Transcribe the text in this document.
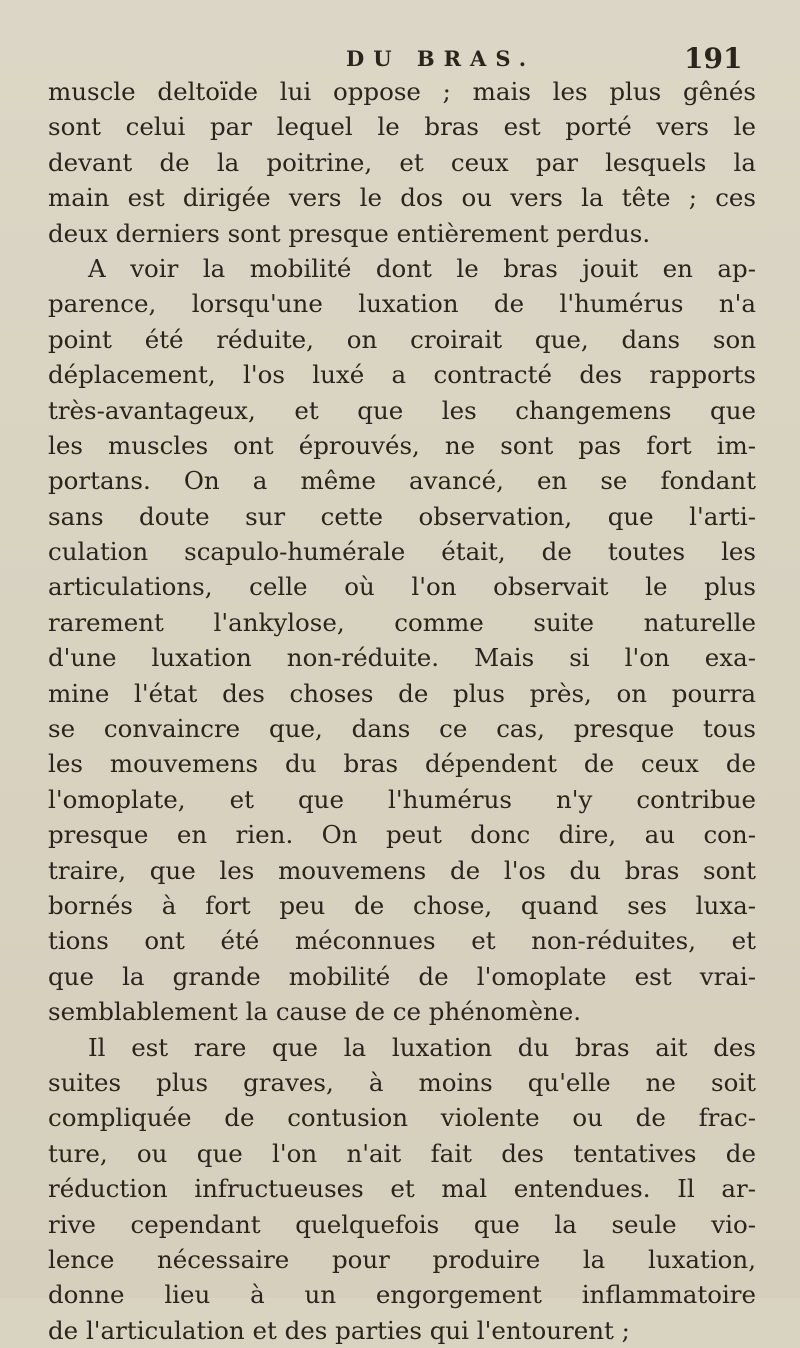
DU BRAS.	191
muscle deltoïde lui oppose ; mais les plus gênés
sont celui par lequel le bras est porté vers le
devant de la poitrine, et ceux par lesquels la
main est dirigée vers le dos ou vers la tête ; ces
deux derniers sont presque entièrement perdus.
A voir la mobilité dont le bras jouit en ap-
parence, lorsqu'une luxation de l'humérus n'a
point été réduite, on croirait que, dans son
déplacement, l'os luxé a contracté des rapports
très-avantageux, et que les changemens que
les muscles ont éprouvés, ne sont pas fort im-
portans. On a même avancé, en se fondant
sans doute sur cette observation, que l'arti-
culation scapulo-humérale était, de toutes les
articulations, celle où l'on observait le plus
rarement l'ankylose, comme suite naturelle
d'une luxation non-réduite. Mais si l'on exa-
mine l'état des choses de plus près, on pourra
se convaincre que, dans ce cas, presque tous
les mouvemens du bras dépendent de ceux de
l'omoplate, et que l'humérus n'y contribue
presque en rien. On peut donc dire, au con-
traire, que les mouvemens de l'os du bras sont
bornés à fort peu de chose, quand ses luxa-
tions ont été méconnues et non-réduites, et
que la grande mobilité de l'omoplate est vrai-
semblablement la cause de ce phénomène.
Il est rare que la luxation du bras ait des
suites plus graves, à moins qu'elle ne soit
compliquée de contusion violente ou de frac-
ture, ou que l'on n'ait fait des tentatives de
réduction infructueuses et mal entendues. Il ar-
rive cependant quelquefois que la seule vio-
lence nécessaire pour produire la luxation,
donne lieu à un engorgement inflammatoire
de l'articulation et des parties qui l'entourent ;
